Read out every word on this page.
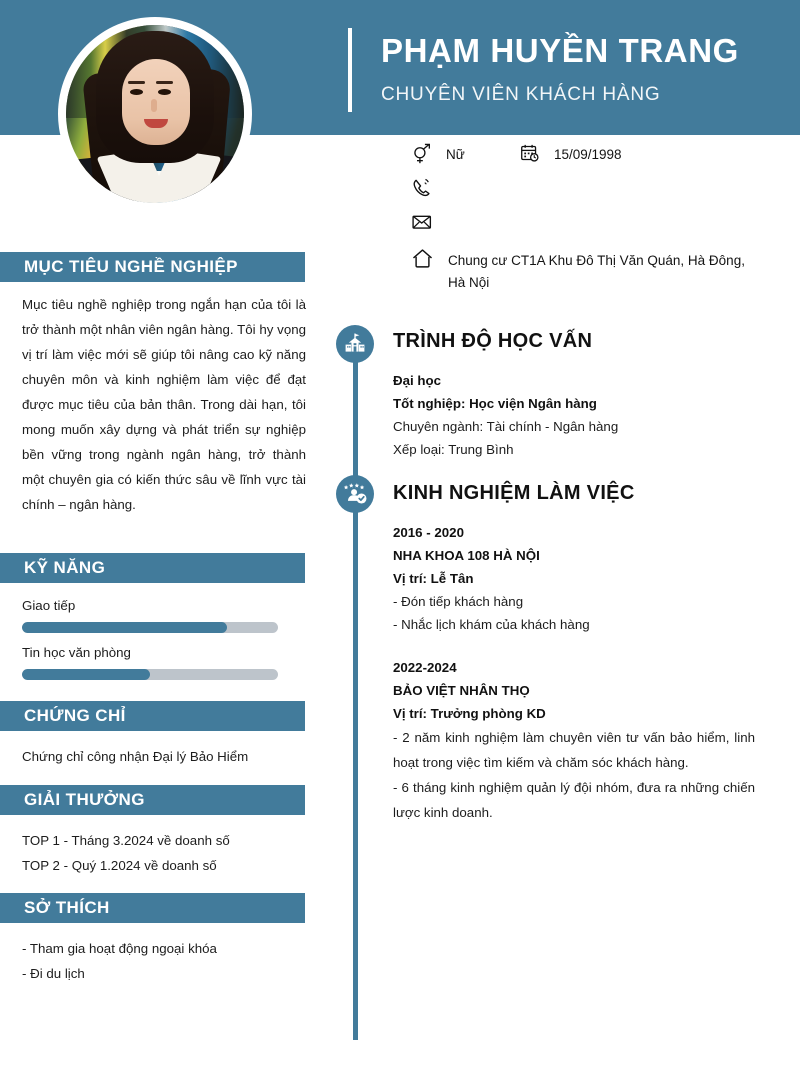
PHẠM HUYỀN TRANG
CHUYÊN VIÊN KHÁCH HÀNG
Nữ	15/09/1998
Chung cư CT1A Khu Đô Thị Văn Quán, Hà Đông, Hà Nội
MỤC TIÊU NGHỀ NGHIỆP
Mục tiêu nghề nghiệp trong ngắn hạn của tôi là trở thành một nhân viên ngân hàng. Tôi hy vọng vị trí làm việc mới sẽ giúp tôi nâng cao kỹ năng chuyên môn và kinh nghiệm làm việc để đạt được mục tiêu của bản thân. Trong dài hạn, tôi mong muốn xây dựng và phát triển sự nghiệp bền vững trong ngành ngân hàng, trở thành một chuyên gia có kiến thức sâu về lĩnh vực tài chính – ngân hàng.
KỸ NĂNG
Giao tiếp
Tin học văn phòng
CHỨNG CHỈ
Chứng chỉ công nhận Đại lý Bảo Hiểm
GIẢI THƯỞNG
TOP 1 - Tháng 3.2024 về doanh số
TOP 2 - Quý 1.2024 về doanh số
SỞ THÍCH
- Tham gia hoạt động ngoại khóa
- Đi du lịch
TRÌNH ĐỘ HỌC VẤN
Đại học
Tốt nghiệp: Học viện Ngân hàng
Chuyên ngành: Tài chính - Ngân hàng
Xếp loại: Trung Bình
KINH NGHIỆM LÀM VIỆC
2016 - 2020
NHA KHOA 108 HÀ NỘI
Vị trí: Lễ Tân
- Đón tiếp khách hàng
- Nhắc lịch khám của khách hàng
2022-2024
BẢO VIỆT NHÂN THỌ
Vị trí: Trưởng phòng KD
- 2 năm kinh nghiệm làm chuyên viên tư vấn bảo hiểm, linh hoạt trong việc tìm kiếm và chăm sóc khách hàng.
- 6 tháng kinh nghiệm quản lý đội nhóm, đưa ra những chiến lược kinh doanh.
